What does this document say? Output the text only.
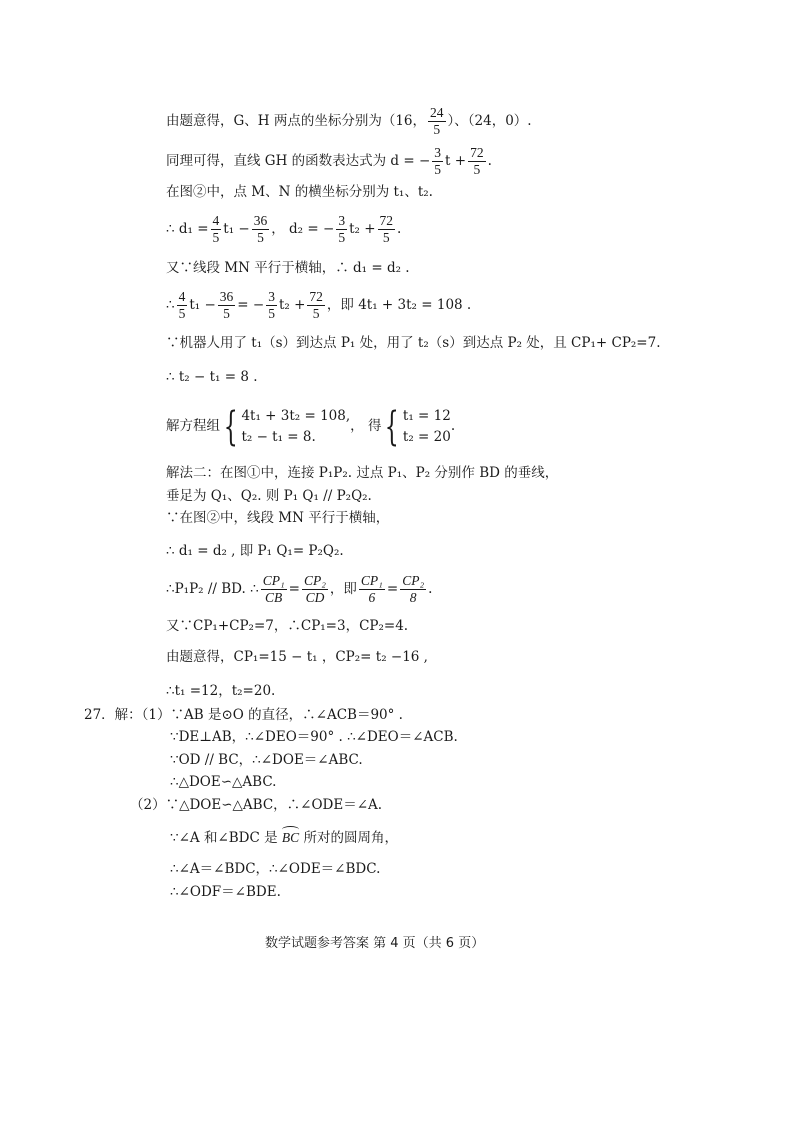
由题意得，G、H 两点的坐标分别为（16， $\frac{24}{5}$ ）、（24，0）.
同理可得，直线 GH 的函数表达式为 d = − $\frac{3}{5}$ $t + \frac{72}{5}$ .
在图②中，点 M、N 的横坐标分别为 t₁、t₂.
∴ $d_1 = \frac{4}{5} t_1 - \frac{36}{5}$ ， d₂ = − $\frac{3}{5} t_2 + \frac{72}{5}$ .
又∵线段 MN 平行于横轴，∴ d₁ = d₂ .
∴ $\frac{4}{5} t_1 - \frac{36}{5}$ = − $\frac{3}{5} t_2 + \frac{72}{5}$ ，即 4t₁ + 3t₂ = 108 .
∵机器人用了 t₁（s）到达点 P₁ 处，用了 t₂（s）到达点 P₂ 处，且 CP₁+ CP₂=7.
∴ t₂ − t₁ = 8 .
解方程组{ 4t₁ + 3t₂ = 108,
t₂ − t₁ = 8.
， 得{ t₁ = 12
t₂ = 20
.
解法二：在图①中，连接 P₁P₂. 过点 P₁、P₂ 分别作 BD 的垂线，
垂足为 Q₁、Q₂. 则 P₁ Q₁ // P₂Q₂.
∵在图②中，线段 MN 平行于横轴，
∴ d₁ = d₂ , 即 P₁ Q₁= P₂Q₂.
∴P₁P₂ // BD. ∴ $\frac{\text{CP₁}}{CB} = \frac{\text{CP₂}}{CD}$ ，即 $\frac{\text{CP₁}}{6} = \frac{\text{CP₂}}{8}$ .
又∵CP₁+CP₂=7，∴CP₁=3，CP₂=4.
由题意得，CP₁=15 − t₁ ，CP₂= t₂ −16 ,
∴t₁ =12，t₂=20.
27．解：（1）∵AB 是⊙O 的直径，∴∠ACB＝90° .
∵DE⊥AB，∴∠DEO＝90° . ∴∠DEO＝∠ACB.
∵OD // BC，∴∠DOE＝∠ABC.
∴△DOE∽△ABC.
（2）∵△DOE∽△ABC，∴∠ODE＝∠A.
∵∠A 和∠BDC 是 BC 所对的圆周角，
∴∠A＝∠BDC，∴∠ODE＝∠BDC.
∴∠ODF＝∠BDE.
数学试题参考答案 第 4 页（共 6 页）
